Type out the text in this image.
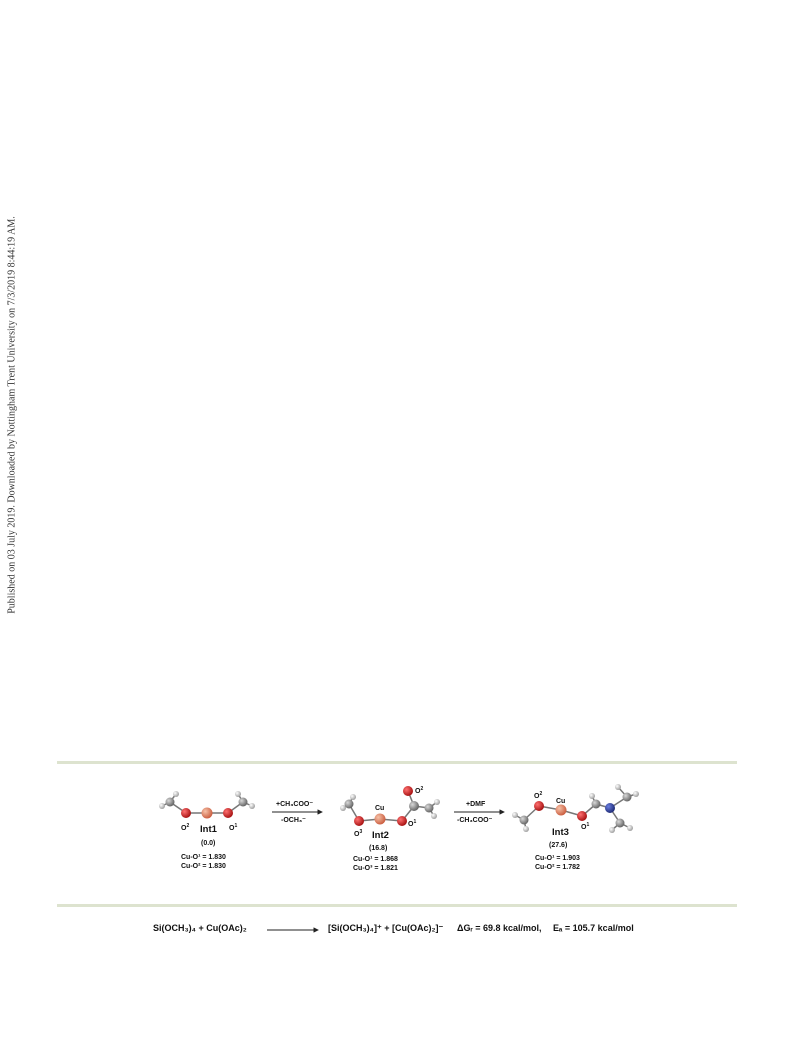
Published on 03 July 2019. Downloaded by Nottingham Trent University on 7/3/2019 8:44:19 AM.
$O^2$ Int1 $O^1$
(0.0)
Cu-O¹ = 1.830
Cu-O² = 1.830
+CH₃COO⁻
-OCH₃⁻
$O^2$
Cu
$O^1$
$O^3$ Int2
(16.8)
Cu-O¹ = 1.868
Cu-O³ = 1.821
+DMF
-CH₃COO⁻
$O^2$
Cu
$O^1$
Int3
(27.6)
Cu-O¹ = 1.903
Cu-O² = 1.782
Si(OCH₃)₄ + Cu(OAc)₂	[Si(OCH₃)₄]⁺ + [Cu(OAc)₂]⁻ ΔGᵣ = 69.8 kcal/mol, Eₐ = 105.7 kcal/mol
